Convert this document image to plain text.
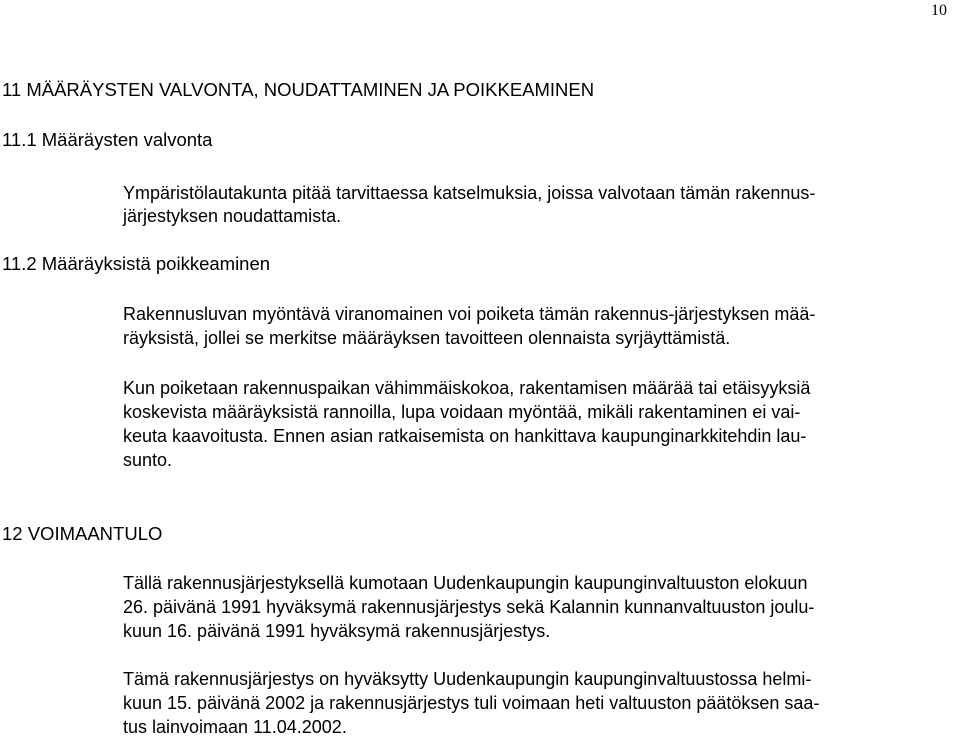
10
11 MÄÄRÄYSTEN VALVONTA, NOUDATTAMINEN JA POIKKEAMINEN
11.1 Määräysten valvonta
Ympäristölautakunta pitää tarvittaessa katselmuksia, joissa valvotaan tämän rakennus-
järjestyksen noudattamista.
11.2 Määräyksistä poikkeaminen
Rakennusluvan myöntävä viranomainen voi poiketa tämän rakennus-järjestyksen mää-
räyksistä, jollei se merkitse määräyksen tavoitteen olennaista syrjäyttämistä.
Kun poiketaan rakennuspaikan vähimmäiskokoa, rakentamisen määrää tai etäisyyksiä
koskevista määräyksistä rannoilla, lupa voidaan myöntää, mikäli rakentaminen ei vai-
keuta kaavoitusta. Ennen asian ratkaisemista on hankittava kaupunginarkkitehdin lau-
sunto.
12 VOIMAANTULO
Tällä rakennusjärjestyksellä kumotaan Uudenkaupungin kaupunginvaltuuston elokuun
26. päivänä 1991 hyväksymä rakennusjärjestys sekä Kalannin kunnanvaltuuston joulu-
kuun 16. päivänä 1991 hyväksymä rakennusjärjestys.
Tämä rakennusjärjestys on hyväksytty Uudenkaupungin kaupunginvaltuustossa helmi-
kuun 15. päivänä 2002 ja rakennusjärjestys tuli voimaan heti valtuuston päätöksen saa-
tus lainvoimaan 11.04.2002.
